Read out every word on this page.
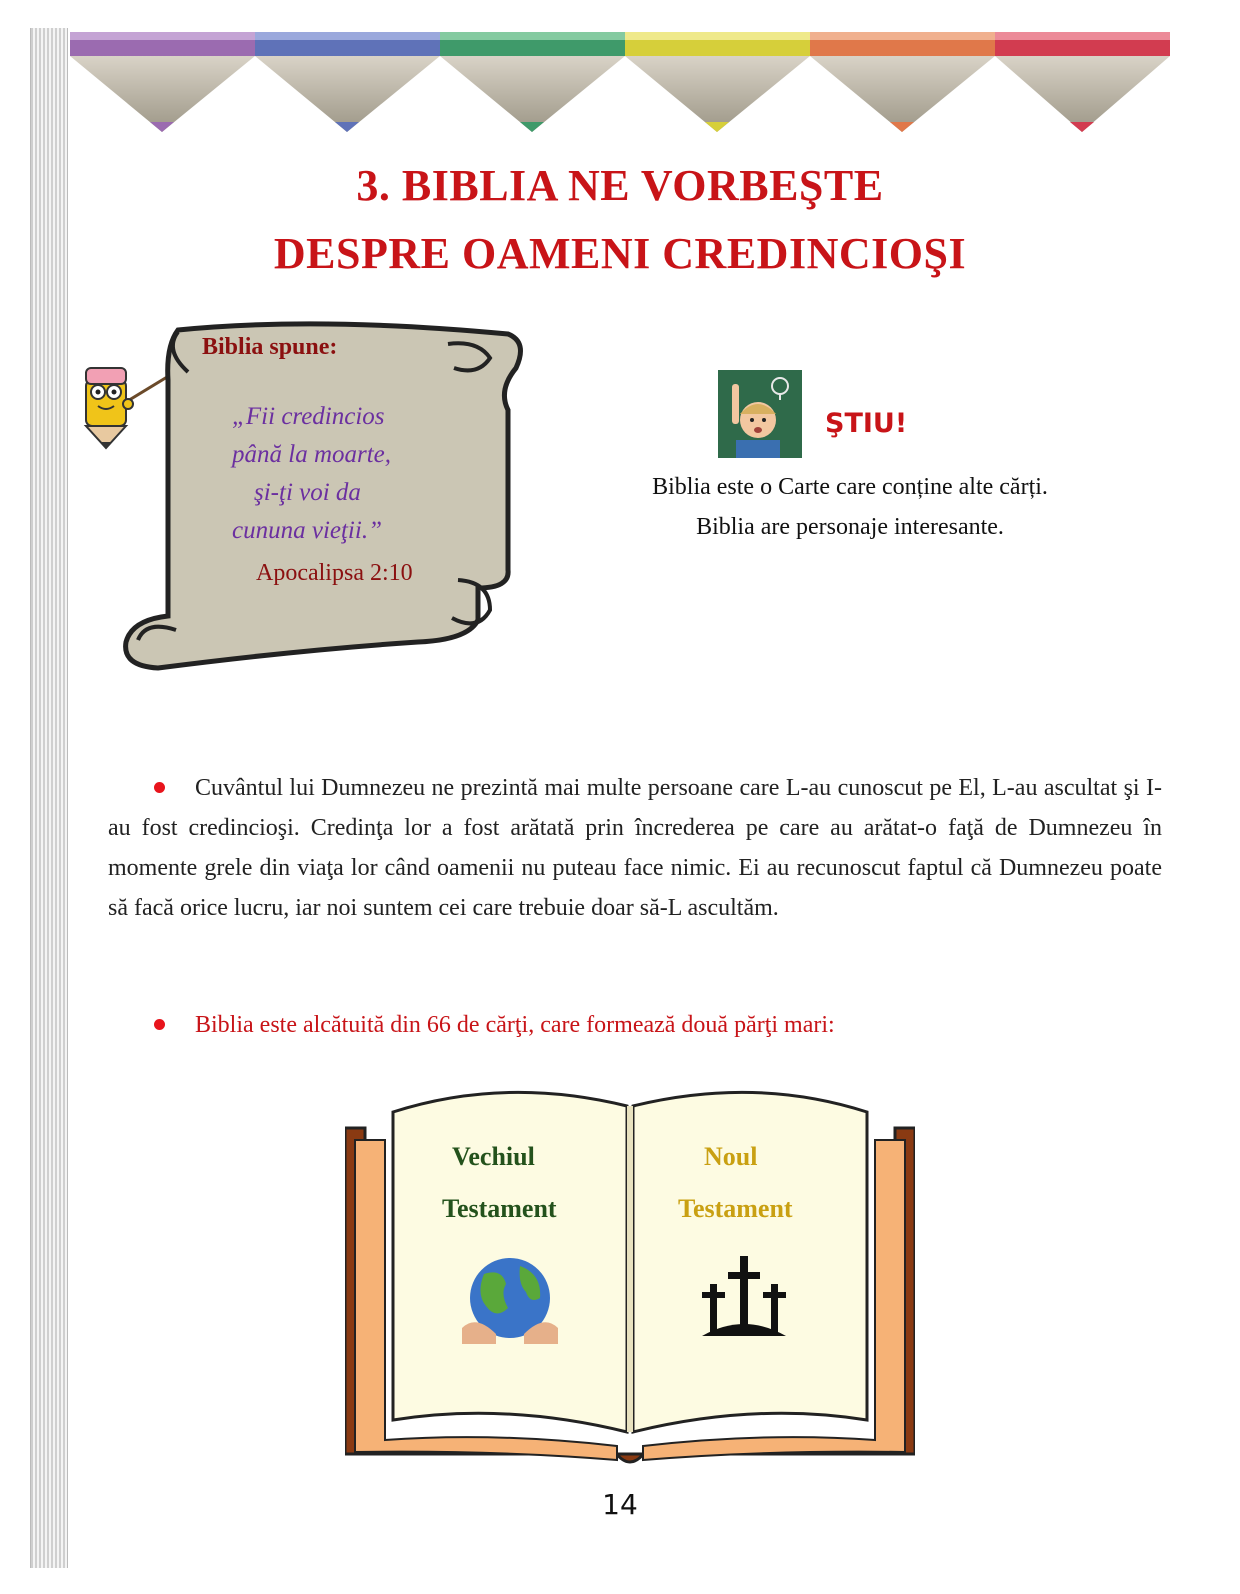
3. BIBLIA NE VORBEŞTE
DESPRE OAMENI CREDINCIOŞI
Biblia spune:
„Fii credincios
până la moarte,
şi-ţi voi da
cununa vieţii.”
Apocalipsa 2:10
ŞTIU!
Biblia este o Carte care conține alte cărți.
Biblia are personaje interesante.
Cuvântul lui Dumnezeu ne prezintă mai multe persoane care L-au cunoscut pe El, L-au ascultat şi I-au fost credincioşi. Credinţa lor a fost arătată prin încrederea pe care au arătat-o faţă de Dumnezeu în momente grele din viaţa lor când oamenii nu puteau face nimic. Ei au recunoscut faptul că Dumnezeu poate să facă orice lucru, iar noi suntem cei care trebuie doar să-L ascultăm.
Biblia este alcătuită din 66 de cărţi, care formează două părţi mari:
Vechiul
Testament
Noul
Testament
14
